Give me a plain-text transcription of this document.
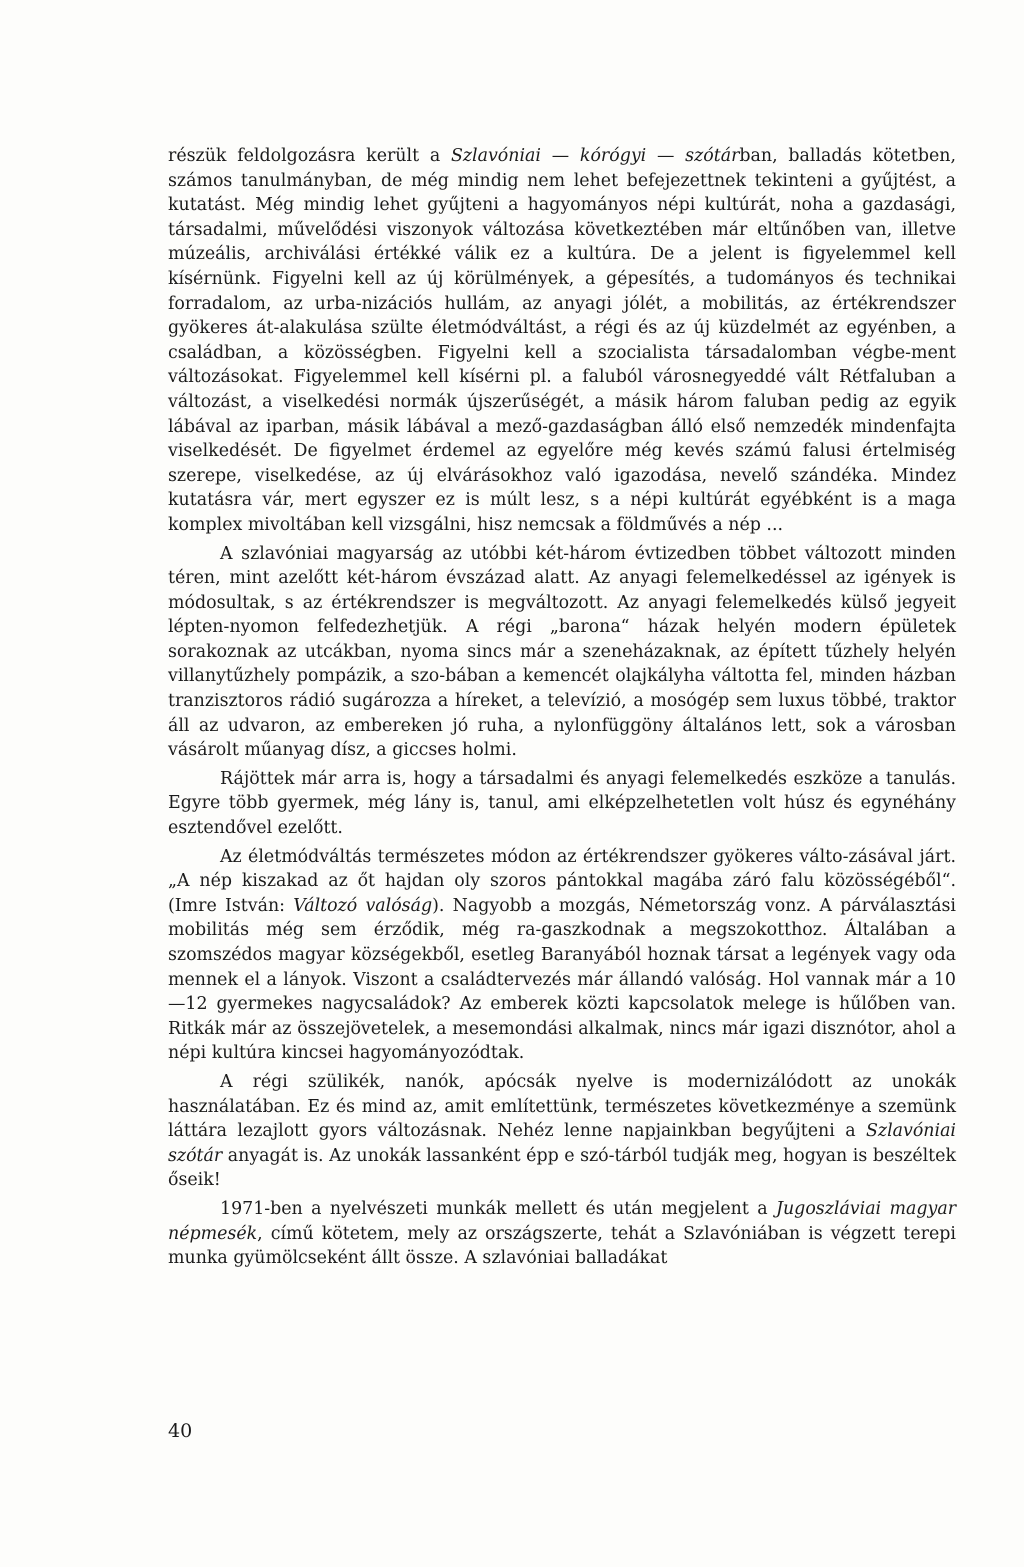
részük feldolgozásra került a Szlavóniai — kórógyi — szótárban, balladás kötetben, számos tanulmányban, de még mindig nem lehet befejezettnek tekinteni a gyűjtést, a kutatást. Még mindig lehet gyűjteni a hagyományos népi kultúrát, noha a gazdasági, társadalmi, művelődési viszonyok változása következtében már eltűnőben van, illetve múzeális, archiválási értékké válik ez a kultúra. De a jelent is figyelemmel kell kísérnünk. Figyelni kell az új körülmények, a gépesítés, a tudományos és technikai forradalom, az urba-nizációs hullám, az anyagi jólét, a mobilitás, az értékrendszer gyökeres át-alakulása szülte életmódváltást, a régi és az új küzdelmét az egyénben, a családban, a közösségben. Figyelni kell a szocialista társadalomban végbe-ment változásokat. Figyelemmel kell kísérni pl. a faluból városnegyeddé vált Rétfaluban a változást, a viselkedési normák újszerűségét, a másik három faluban pedig az egyik lábával az iparban, másik lábával a mező-gazdaságban álló első nemzedék mindenfajta viselkedését. De figyelmet érdemel az egyelőre még kevés számú falusi értelmiség szerepe, viselkedése, az új elvárásokhoz való igazodása, nevelő szándéka. Mindez kutatásra vár, mert egyszer ez is múlt lesz, s a népi kultúrát egyébként is a maga komplex mivoltában kell vizsgálni, hisz nemcsak a földművés a nép ...

A szlavóniai magyarság az utóbbi két-három évtizedben többet változott minden téren, mint azelőtt két-három évszázad alatt. Az anyagi felemelkedéssel az igények is módosultak, s az értékrendszer is megváltozott. Az anyagi felemelkedés külső jegyeit lépten-nyomon felfedezhetjük. A régi „barona“ házak helyén modern épületek sorakoznak az utcákban, nyoma sincs már a szeneházaknak, az épített tűzhely helyén villanytűzhely pompázik, a szo-bában a kemencét olajkályha váltotta fel, minden házban tranzisztoros rádió sugározza a híreket, a televízió, a mosógép sem luxus többé, traktor áll az udvaron, az embereken jó ruha, a nylonfüggöny általános lett, sok a városban vásárolt műanyag dísz, a giccses holmi.

Rájöttek már arra is, hogy a társadalmi és anyagi felemelkedés eszköze a tanulás. Egyre több gyermek, még lány is, tanul, ami elképzelhetetlen volt húsz és egynéhány esztendővel ezelőtt.

Az életmódváltás természetes módon az értékrendszer gyökeres válto-zásával járt. „A nép kiszakad az őt hajdan oly szoros pántokkal magába záró falu közösségéből“. (Imre István: Változó valóság). Nagyobb a mozgás, Németország vonz. A párválasztási mobilitás még sem érződik, még ra-gaszkodnak a megszokotthoz. Általában a szomszédos magyar községekből, esetleg Baranyából hoznak társat a legények vagy oda mennek el a lányok. Viszont a családtervezés már állandó valóság. Hol vannak már a 10—12 gyermekes nagycsaládok? Az emberek közti kapcsolatok melege is hűlőben van. Ritkák már az összejövetelek, a mesemondási alkalmak, nincs már igazi disznótor, ahol a népi kultúra kincsei hagyományozódtak.

A régi szülikék, nanók, apócsák nyelve is modernizálódott az unokák használatában. Ez és mind az, amit említettünk, természetes következménye a szemünk láttára lezajlott gyors változásnak. Nehéz lenne napjainkban begyűjteni a Szlavóniai szótár anyagát is. Az unokák lassanként épp e szó-tárból tudják meg, hogyan is beszéltek őseik!

1971-ben a nyelvészeti munkák mellett és után megjelent a Jugoszláviai magyar népmesék, című kötetem, mely az országszerte, tehát a Szlavóniában is végzett terepi munka gyümölcseként állt össze. A szlavóniai balladákat

40
